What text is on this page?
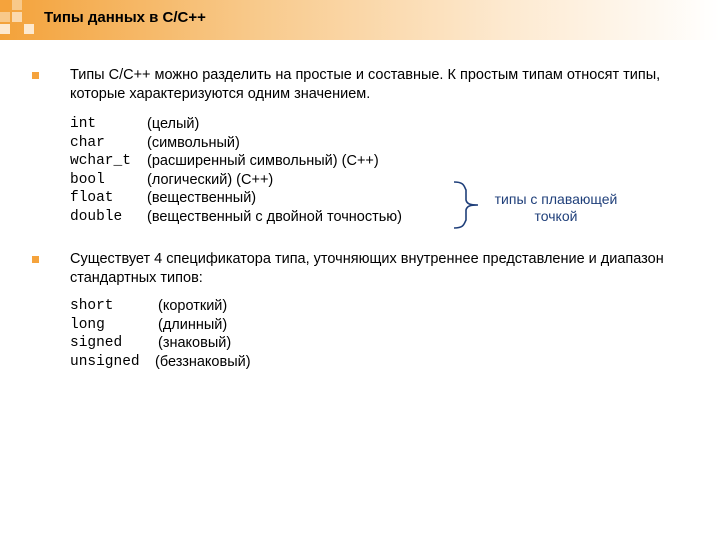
Типы данных в С/С++
Типы С/С++ можно разделить на простые и составные. К простым типам относят типы, которые характеризуются одним значением.
int	(целый)
char	(символьный)
wchar_t (расширенный символьный) (С++)
bool	(логический) (С++)
float (вещественный)
double (вещественный с двойной точностью)
типы с плавающей
точкой
Существует 4 спецификатора типа, уточняющих внутреннее представление и диапазон стандартных типов:
short	(короткий)
long	(длинный)
signed (знаковый)
unsigned (беззнаковый)
